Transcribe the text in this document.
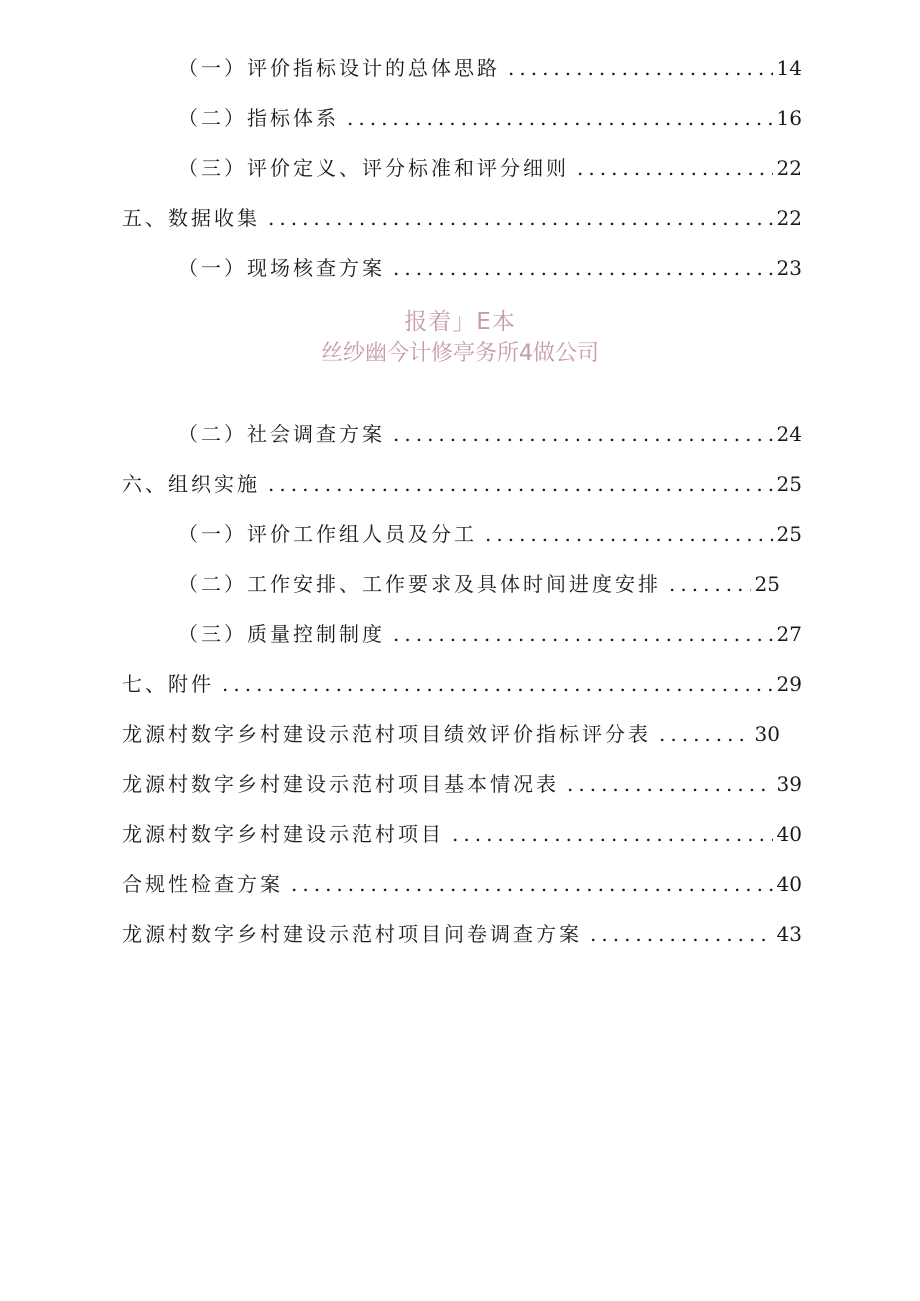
（一）评价指标设计的总体思路 .....	14
（二）指标体系 .....	16
（三）评价定义、评分标准和评分细则 .....	22
五、数据收集 .....	22
（一）现场核查方案 .....	23
（二）社会调查方案 .....	24
六、组织实施 .....	25
（一）评价工作组人员及分工 .....	25
（二）工作安排、工作要求及具体时间进度安排 .....	25
（三）质量控制制度 .....	27
七、附件 .....	29
龙源村数字乡村建设示范村项目绩效评价指标评分表 .....	30
龙源村数字乡村建设示范村项目基本情况表 .....	39
龙源村数字乡村建设示范村项目 .....	40
合规性检查方案 .....	40
龙源村数字乡村建设示范村项目问卷调查方案 .....	43
报着」E本
丝纱幽今计修亭务所4做公司
